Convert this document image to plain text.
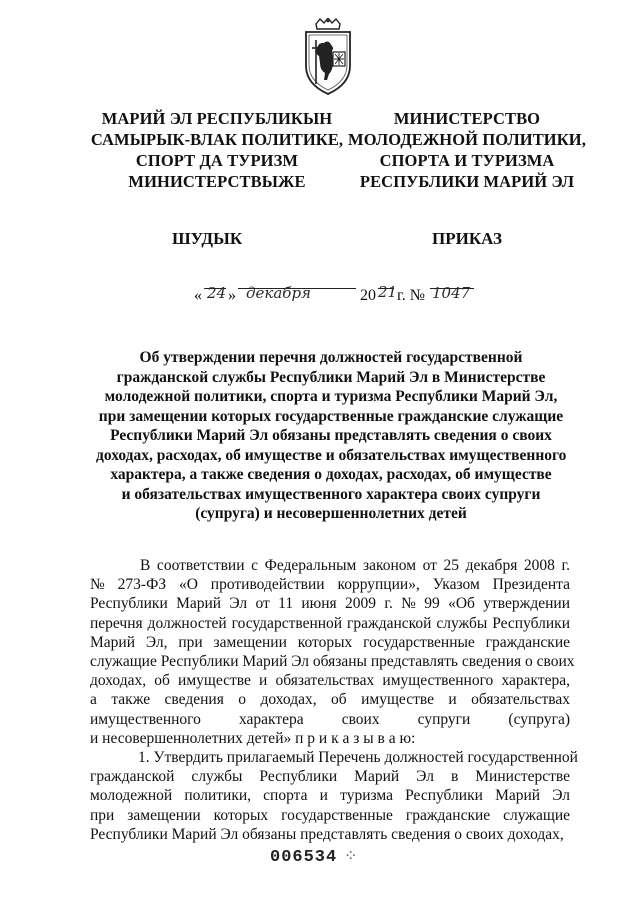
МАРИЙ ЭЛ РЕСПУБЛИКЫН
САМЫРЫК-ВЛАК ПОЛИТИКЕ,
СПОРТ ДА ТУРИЗМ
МИНИСТЕРСТВЫЖЕ
МИНИСТЕРСТВО
МОЛОДЕЖНОЙ ПОЛИТИКИ,
СПОРТА И ТУРИЗМА
РЕСПУБЛИКИ МАРИЙ ЭЛ
ШУДЫК	ПРИКАЗ
« 24 » декабря	20 21 г. № 1047
Об утверждении перечня должностей государственной
гражданской службы Республики Марий Эл в Министерстве
молодежной политики, спорта и туризма Республики Марий Эл,
при замещении которых государственные гражданские служащие
Республики Марий Эл обязаны представлять сведения о своих
доходах, расходах, об имуществе и обязательствах имущественного
характера, а также сведения о доходах, расходах, об имуществе
и обязательствах имущественного характера своих супруги
(супруга) и несовершеннолетних детей
В соответствии с Федеральным законом от 25 декабря 2008 г.
№ 273-ФЗ «О противодействии коррупции», Указом Президента
Республики Марий Эл от 11 июня 2009 г. № 99 «Об утверждении
перечня должностей государственной гражданской службы Республики
Марий Эл, при замещении которых государственные гражданские
служащие Республики Марий Эл обязаны представлять сведения о своих
доходах, об имуществе и обязательствах имущественного характера,
а также сведения о доходах, об имуществе и обязательствах
имущественного характера своих супруги (супруга)
и несовершеннолетних детей» п р и к а з ы в а ю:
1. Утвердить прилагаемый Перечень должностей государственной
гражданской службы Республики Марий Эл в Министерстве
молодежной политики, спорта и туризма Республики Марий Эл
при замещении которых государственные гражданские служащие
Республики Марий Эл обязаны представлять сведения о своих доходах,
006534 ⁘
